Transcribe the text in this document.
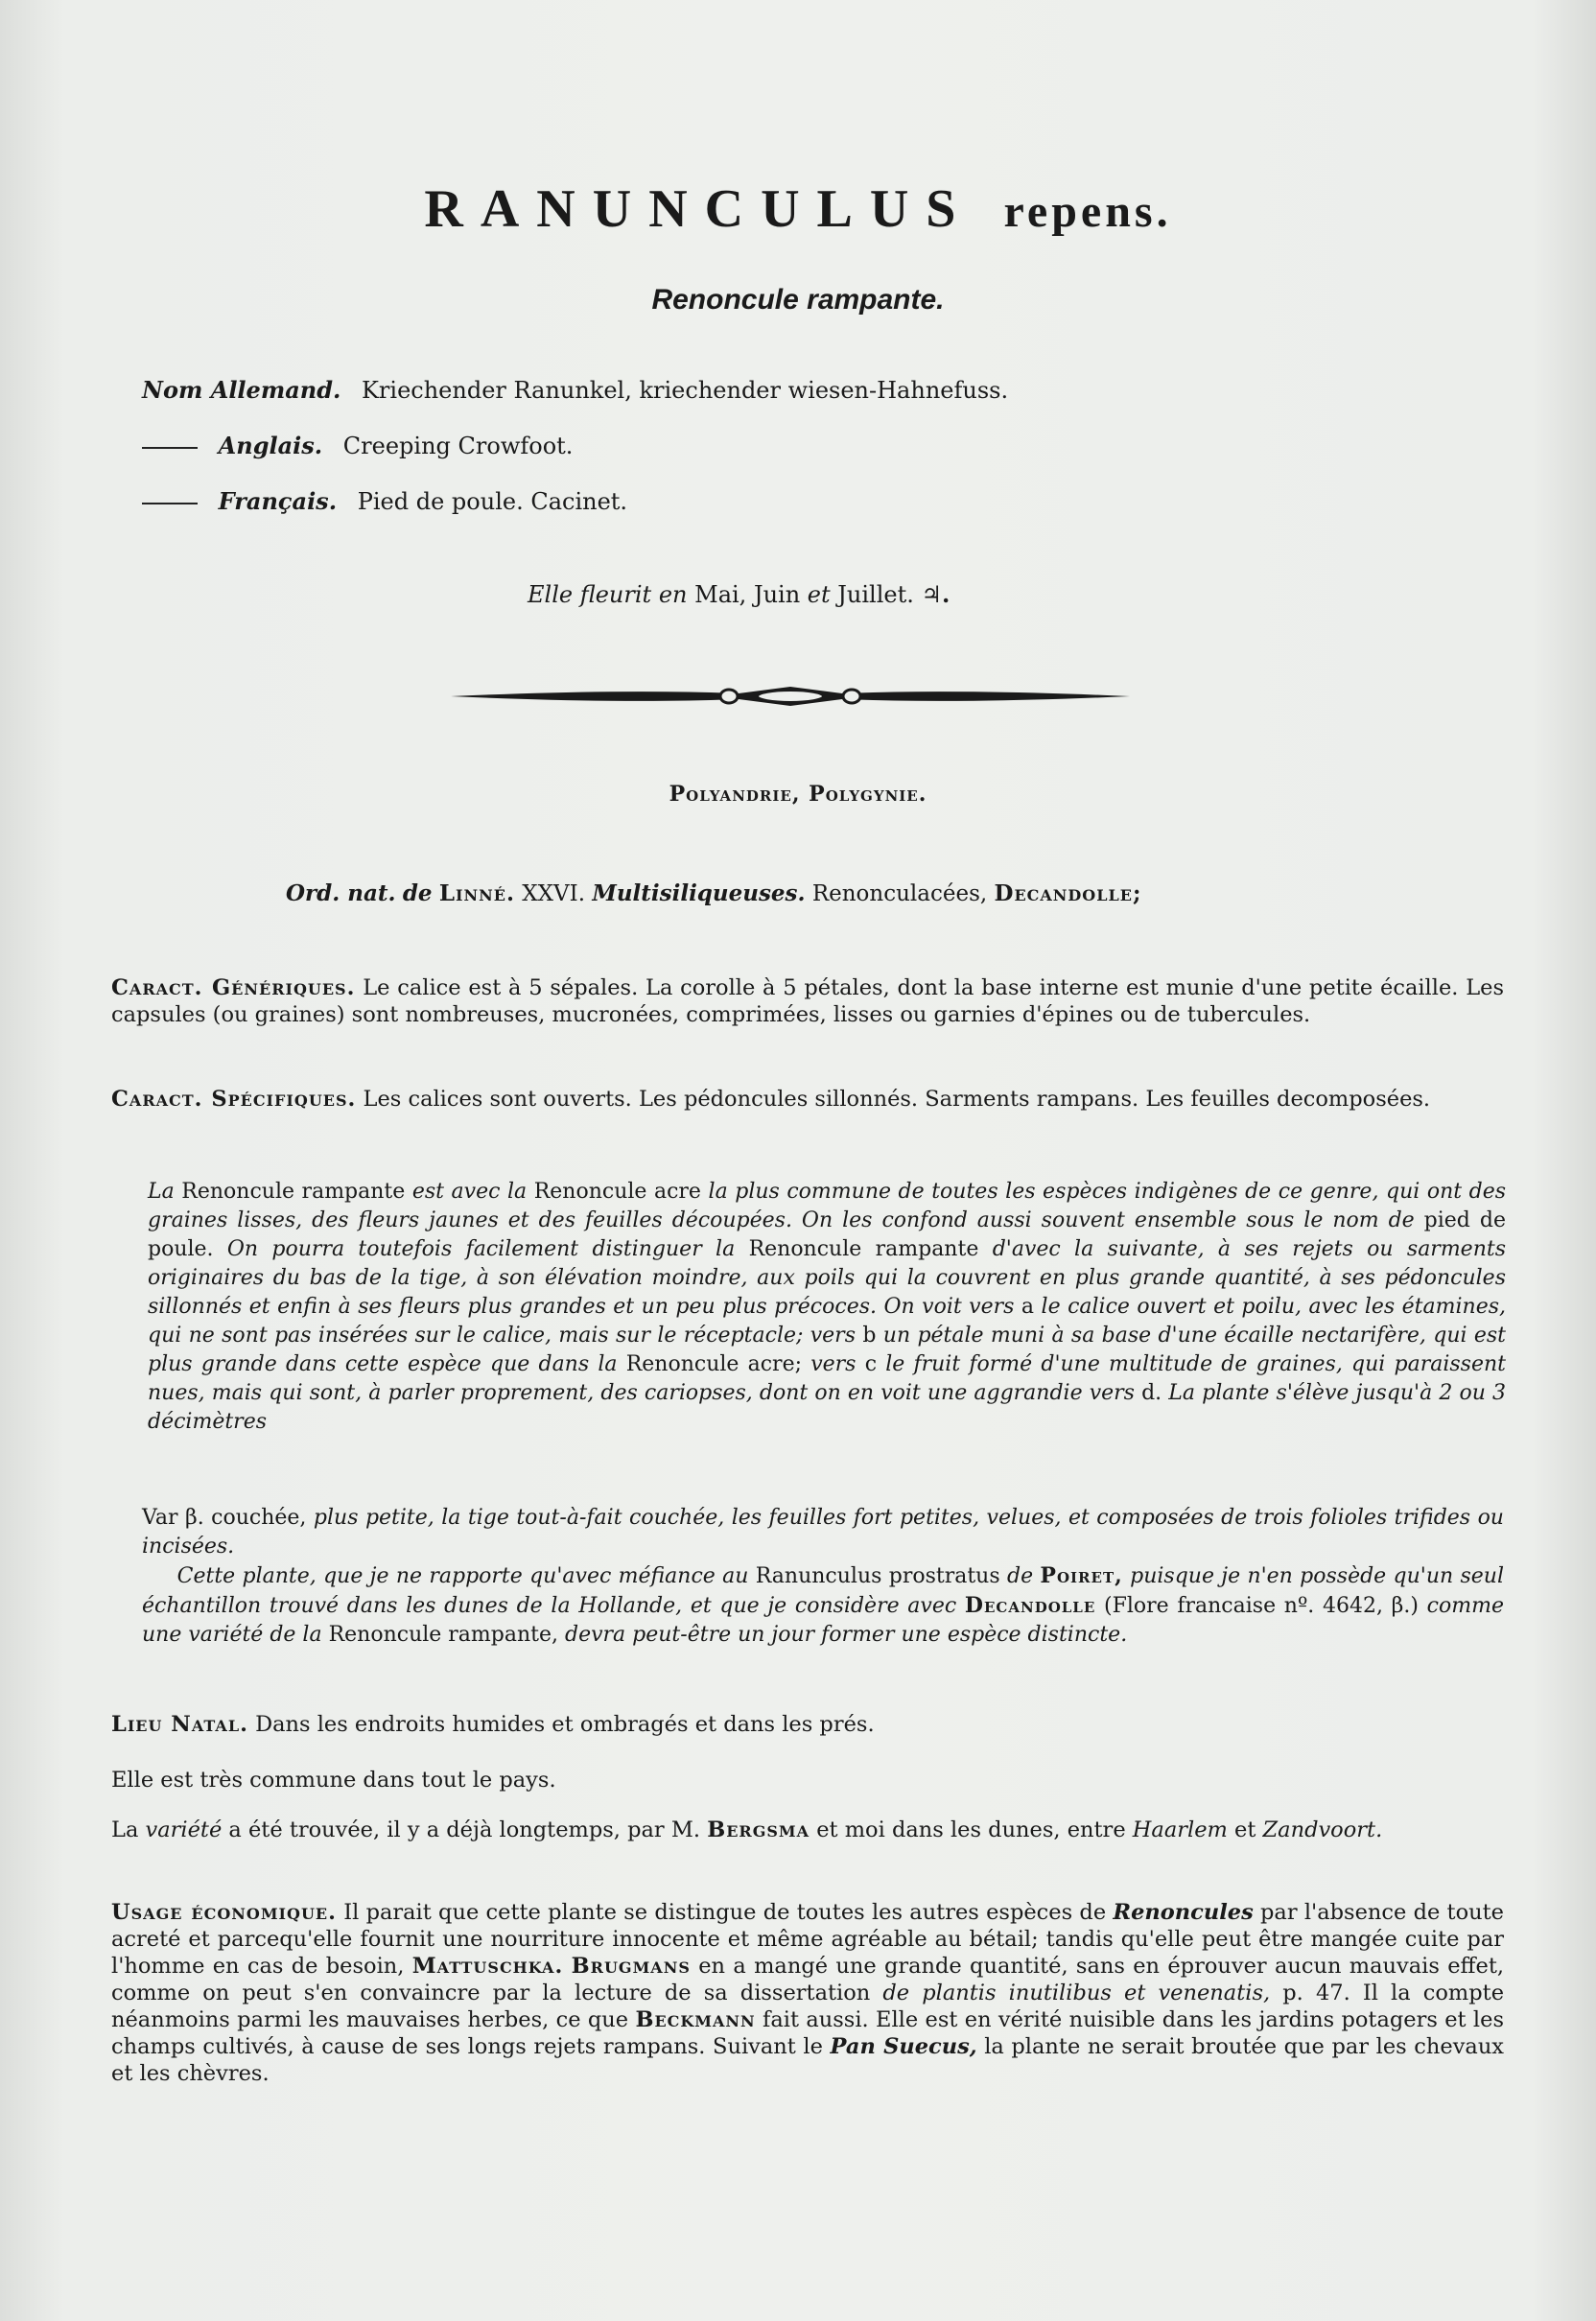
RANUNCULUS repens.
Renoncule rampante.
Nom Allemand. Kriechender Ranunkel, kriechender wiesen-Hahnefuss.
Anglais. Creeping Crowfoot.
Français. Pied de poule. Cacinet.
Elle fleurit en Mai, Juin et Juillet. ♃.
Polyandrie, Polygynie.
Ord. nat. de Linné. XXVI. Multisiliqueuses. Renonculacées, Decandolle;
Caract. Génériques. Le calice est à 5 sépales. La corolle à 5 pétales, dont la base interne est munie d'une petite écaille. Les capsules (ou graines) sont nombreuses, mucronées, comprimées, lisses ou garnies d'épines ou de tubercules.
Caract. Spécifiques. Les calices sont ouverts. Les pédoncules sillonnés. Sarments rampans. Les feuilles decomposées.
La Renoncule rampante est avec la Renoncule acre la plus commune de toutes les espèces indigènes de ce genre, qui ont des graines lisses, des fleurs jaunes et des feuilles découpées. On les confond aussi souvent ensemble sous le nom de pied de poule. On pourra toutefois facilement distinguer la Renoncule rampante d'avec la suivante, à ses rejets ou sarments originaires du bas de la tige, à son élévation moindre, aux poils qui la couvrent en plus grande quantité, à ses pédoncules sillonnés et enfin à ses fleurs plus grandes et un peu plus précoces. On voit vers a le calice ouvert et poilu, avec les étamines, qui ne sont pas insérées sur le calice, mais sur le réceptacle; vers b un pétale muni à sa base d'une écaille nectarifère, qui est plus grande dans cette espèce que dans la Renoncule acre; vers c le fruit formé d'une multitude de graines, qui paraissent nues, mais qui sont, à parler proprement, des cariopses, dont on en voit une aggrandie vers d. La plante s'élève jusqu'à 2 ou 3 décimètres
Var β. couchée, plus petite, la tige tout-à-fait couchée, les feuilles fort petites, velues, et composées de trois folioles trifides ou incisées.
Cette plante, que je ne rapporte qu'avec méfiance au Ranunculus prostratus de Poiret, puisque je n'en possède qu'un seul échantillon trouvé dans les dunes de la Hollande, et que je considère avec Decandolle (Flore francaise nº. 4642, β.) comme une variété de la Renoncule rampante, devra peut-être un jour former une espèce distincte.
Lieu Natal. Dans les endroits humides et ombragés et dans les prés.
Elle est très commune dans tout le pays.
La variété a été trouvée, il y a déjà longtemps, par M. Bergsma et moi dans les dunes, entre Haarlem et Zandvoort.
Usage économique. Il parait que cette plante se distingue de toutes les autres espèces de Renoncules par l'absence de toute acreté et parcequ'elle fournit une nourriture innocente et même agréable au bétail; tandis qu'elle peut être mangée cuite par l'homme en cas de besoin, Mattuschka. Brugmans en a mangé une grande quantité, sans en éprouver aucun mauvais effet, comme on peut s'en convaincre par la lecture de sa dissertation de plantis inutilibus et venenatis, p. 47. Il la compte néanmoins parmi les mauvaises herbes, ce que Beckmann fait aussi. Elle est en vérité nuisible dans les jardins potagers et les champs cultivés, à cause de ses longs rejets rampans. Suivant le Pan Suecus, la plante ne serait broutée que par les chevaux et les chèvres.
